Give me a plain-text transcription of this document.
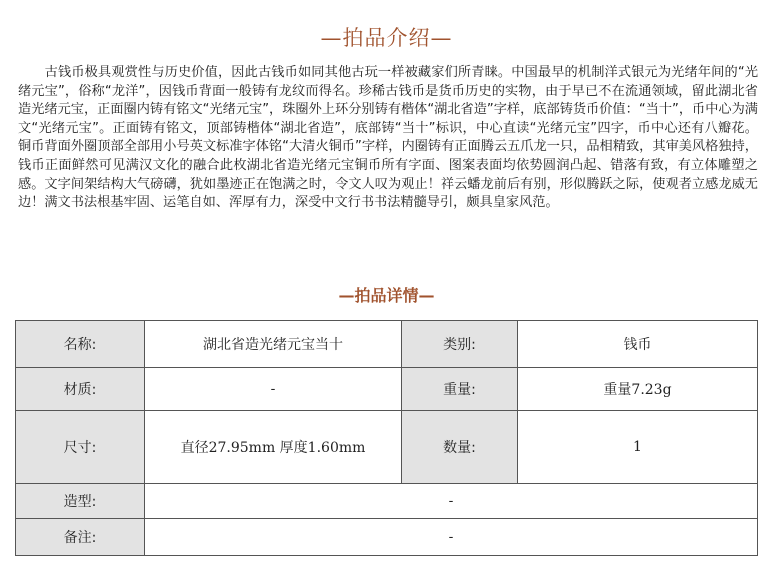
—拍品介绍—

　　古钱币极具观赏性与历史价值，因此古钱币如同其他古玩一样被藏家们所青睐。中国最早的机制洋式银元为光绪年间的“光绪元宝”，俗称“龙洋”，因钱币背面一般铸有龙纹而得名。珍稀古钱币是货币历史的实物，由于早已不在流通领域，留此湖北省造光绪元宝，正面圈内铸有铭文“光绪元宝”，珠圈外上环分别铸有楷体“湖北省造”字样，底部铸货币价值：“当十”，币中心为满文“光绪元宝”。正面铸有铭文，顶部铸楷体“湖北省造”，底部铸“当十”标识，中心直读“光绪元宝”四字，币中心还有八瓣花。铜币背面外圈顶部全部用小号英文标准字体铭“大清火铜币”字样，内圈铸有正面腾云五爪龙一只，品相精致，其审美风格独持，钱币正面鲜然可见满汉文化的融合此枚湖北省造光绪元宝铜币所有字面、图案表面均依势圆润凸起、错落有致，有立体雕塑之感。文字间架结构大气磅礴，犹如墨迹正在饱满之时，令文人叹为观止！祥云蟠龙前后有别，形似腾跃之际，使观者立感龙威无边！满文书法根基牢固、运笔自如、浑厚有力，深受中文行书书法精髓导引，颇具皇家风范。

—拍品详情—
名称:	湖北省造光绪元宝当十	类别:	钱币
材质:	-	重量:	重量7.23g
尺寸:	直径27.95mm 厚度1.60mm	数量:	1
造型:	-		
备注:	-		
